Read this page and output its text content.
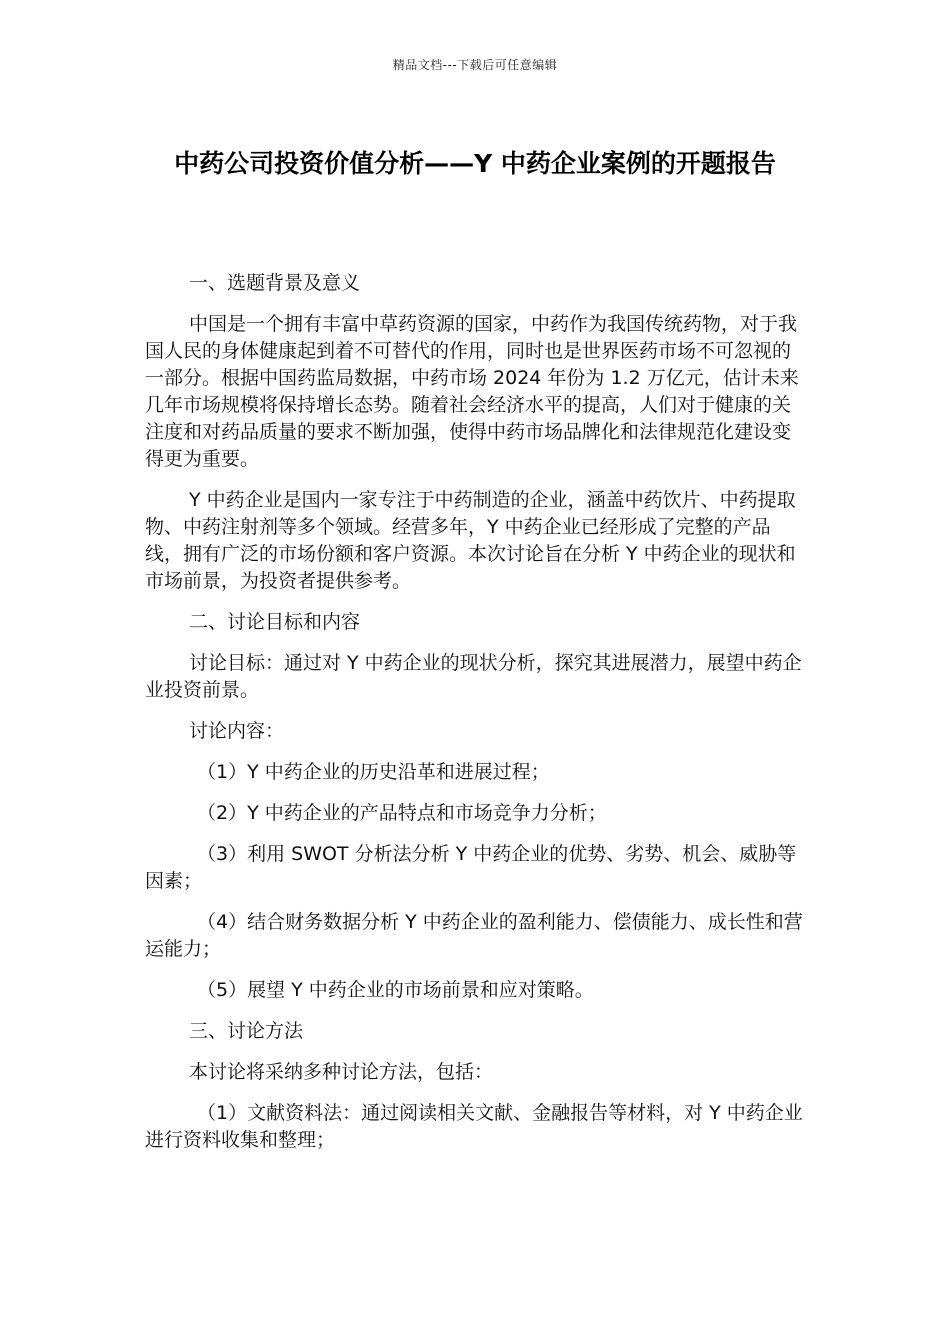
精品文档---下载后可任意编辑
中药公司投资价值分析——Y 中药企业案例的开题报告

一、选题背景及意义

中国是一个拥有丰富中草药资源的国家，中药作为我国传统药物，对于我国人民的身体健康起到着不可替代的作用，同时也是世界医药市场不可忽视的一部分。根据中国药监局数据，中药市场 2024 年份为 1.2 万亿元，估计未来几年市场规模将保持增长态势。随着社会经济水平的提高，人们对于健康的关注度和对药品质量的要求不断加强，使得中药市场品牌化和法律规范化建设变得更为重要。

Y 中药企业是国内一家专注于中药制造的企业，涵盖中药饮片、中药提取物、中药注射剂等多个领域。经营多年，Y 中药企业已经形成了完整的产品线，拥有广泛的市场份额和客户资源。本次讨论旨在分析 Y 中药企业的现状和市场前景，为投资者提供参考。

二、讨论目标和内容

讨论目标：通过对 Y 中药企业的现状分析，探究其进展潜力，展望中药企业投资前景。

讨论内容：

（1）Y 中药企业的历史沿革和进展过程；

（2）Y 中药企业的产品特点和市场竞争力分析；

（3）利用 SWOT 分析法分析 Y 中药企业的优势、劣势、机会、威胁等因素；

（4）结合财务数据分析 Y 中药企业的盈利能力、偿债能力、成长性和营运能力；

（5）展望 Y 中药企业的市场前景和应对策略。

三、讨论方法

本讨论将采纳多种讨论方法，包括：

（1）文献资料法：通过阅读相关文献、金融报告等材料，对 Y 中药企业进行资料收集和整理；
